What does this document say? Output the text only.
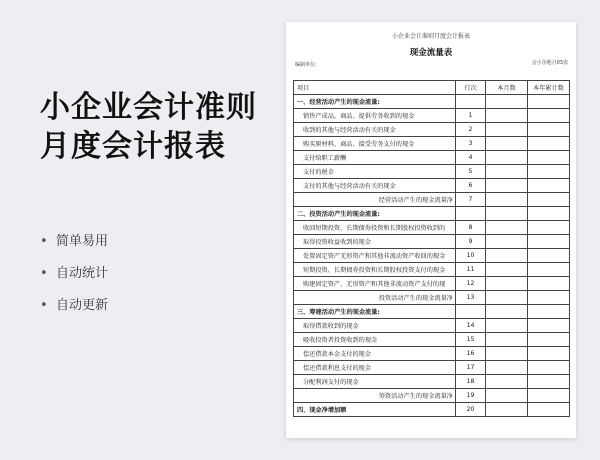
小企业会计准则
月度会计报表
• 简单易用
• 自动统计
• 自动更新
小企业会计准则月度会计报表
现金流量表
编制单位:	会小企地月03表
项目	行次	本月数	本年累计数
一、经营活动产生的现金流量:			
销售产成品、商品、提供劳务收到的现金	1		
收到的其他与经营活动有关的现金	2		
购买原材料、商品、接受劳务支付的现金	3		
支付给职工薪酬	4		
支付的税金	5		
支付的其他与经营活动有关的现金	6		
经营活动产生的现金流量净	7		
二、投资活动产生的现金流量:			
收回短期投资、长期债券投资和长期股权投资收到的	8		
取得投资收益收到的现金	9		
处置固定资产无形资产和其他非流动资产收回的现金	10		
短期投资、长期债券投资和长期股权投资支付的现金	11		
购建固定资产、无形资产和其他非流动资产支付的现	12		
投资活动产生的现金流量净	13		
三、筹建活动产生的现金流量:			
取得借款收到的现金	14		
吸收投资者投资收到的现金	15		
偿还借款本金支付的现金	16		
偿还借款利息支付的现金	17		
分配利润支付的现金	18		
筹资活动产生的现金流量净	19		
四、现金净增加额	20		
